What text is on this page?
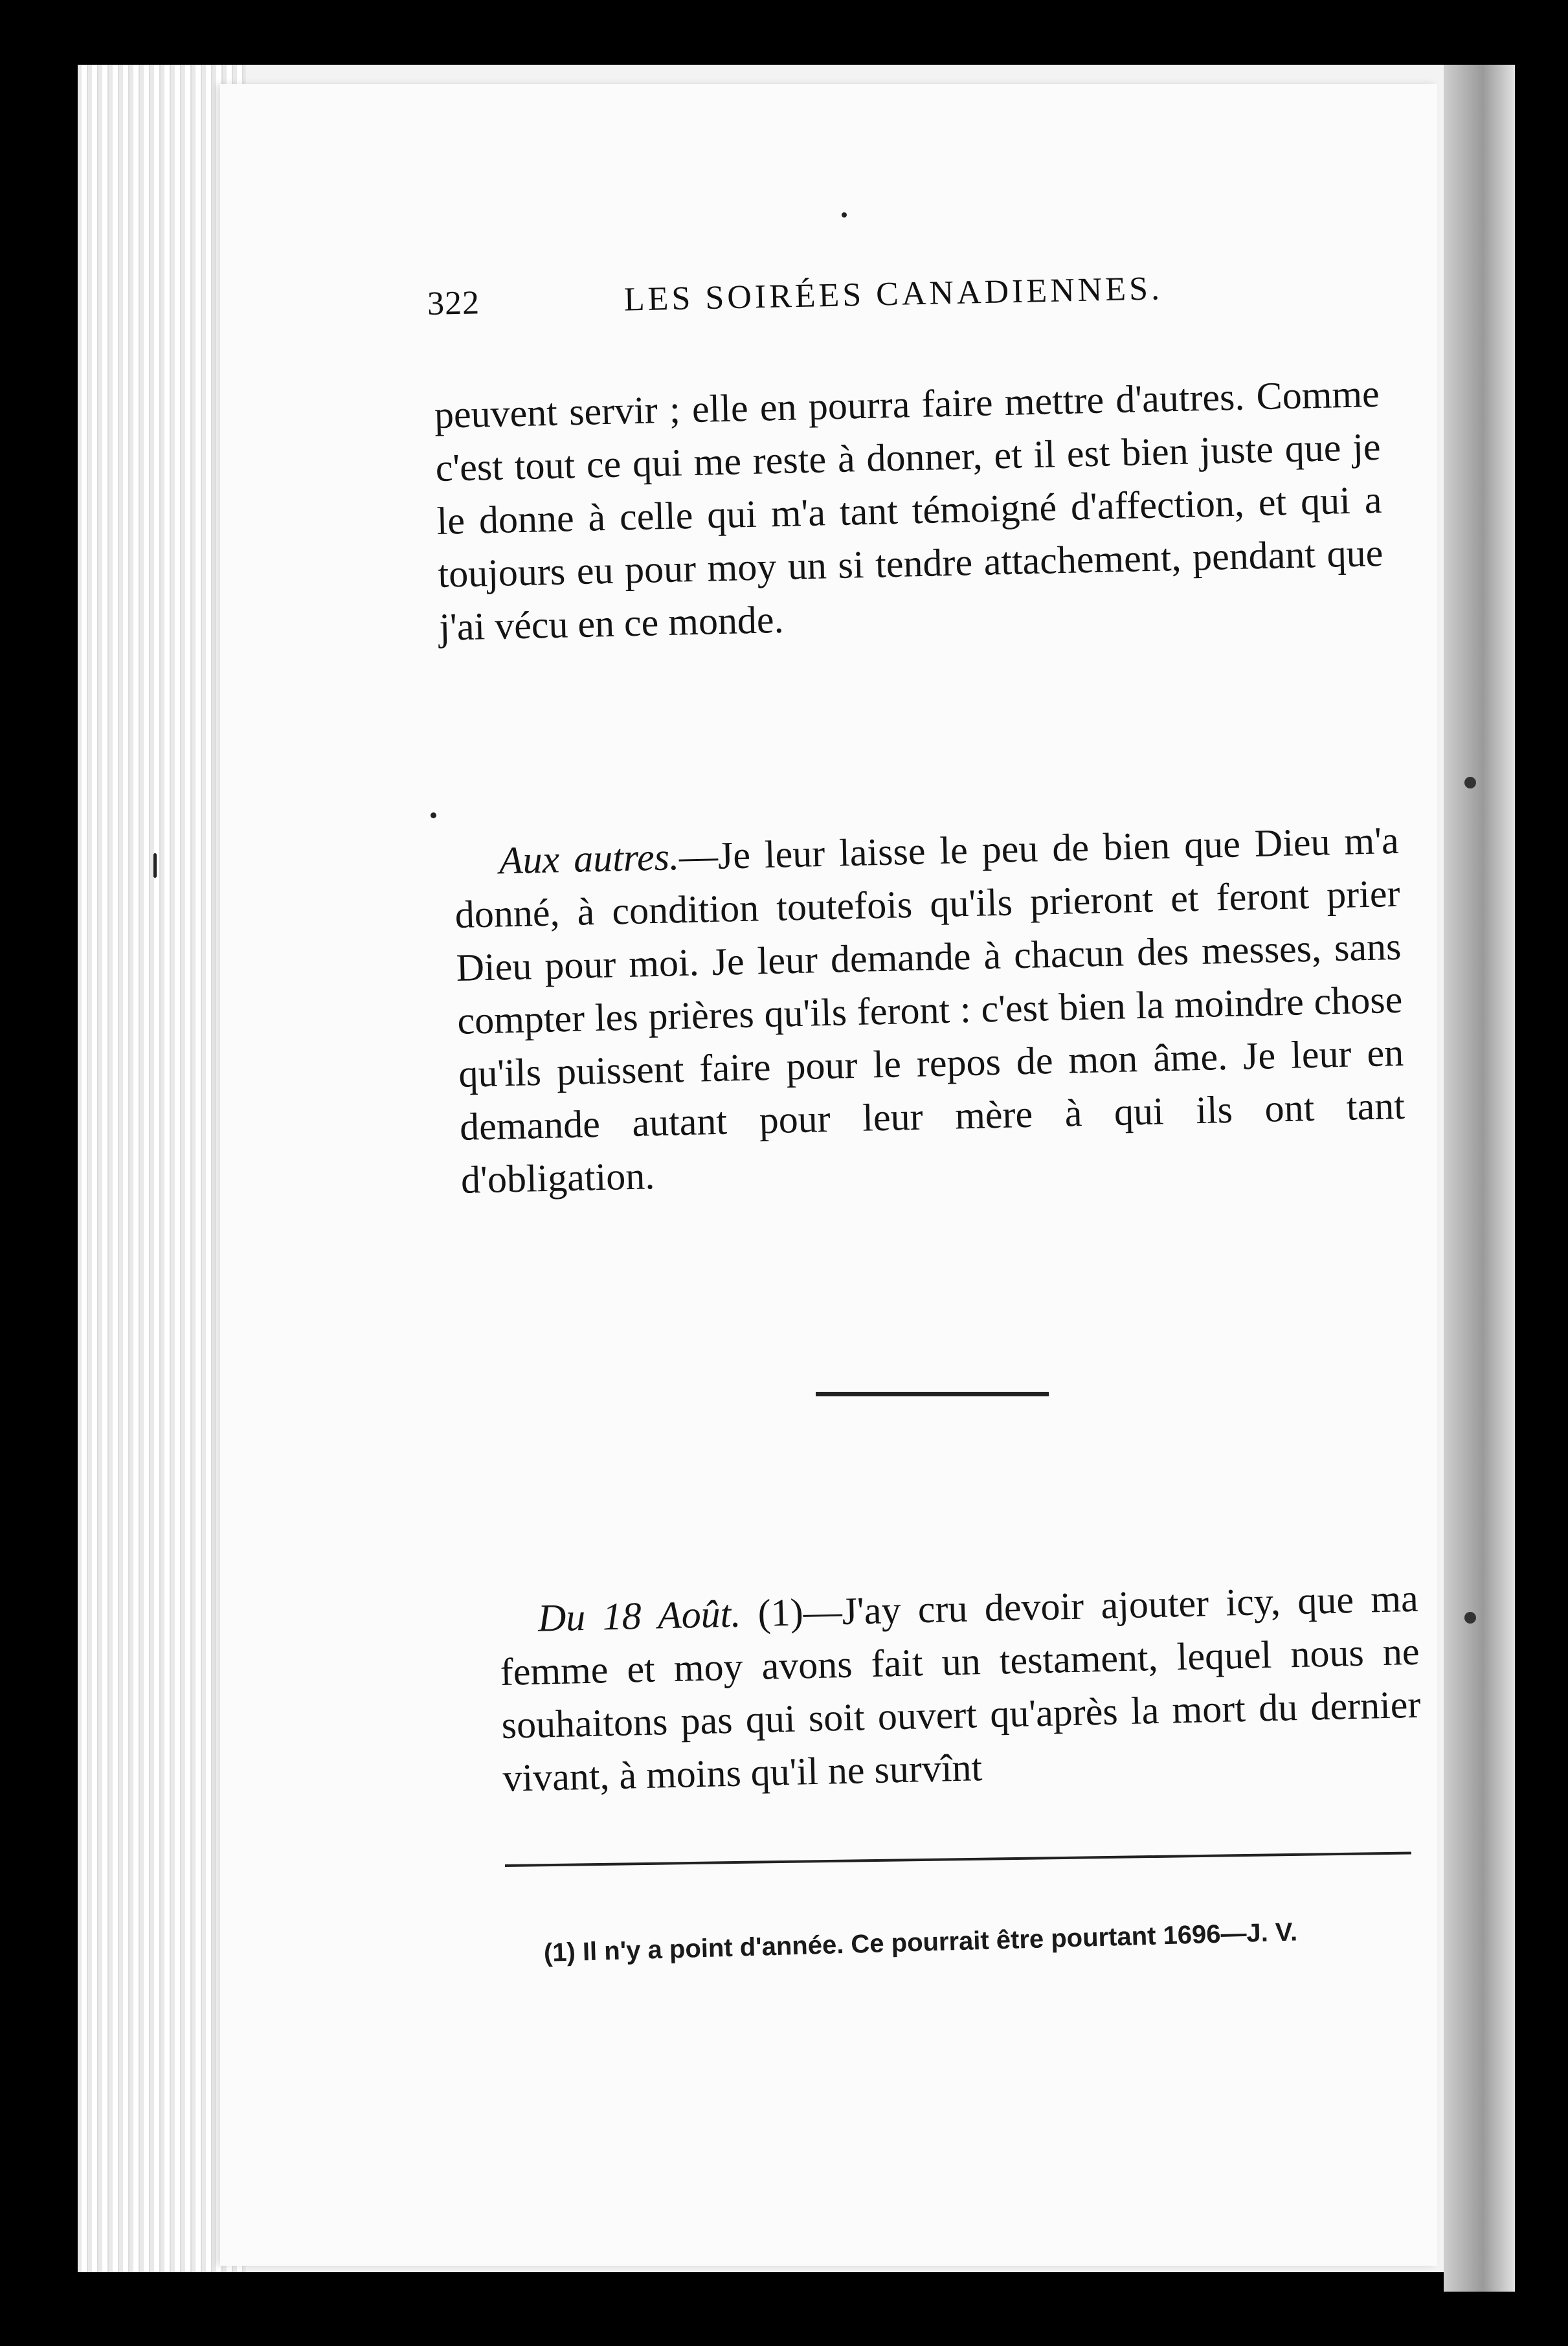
322	LES SOIRÉES CANADIENNES.
peuvent servir ; elle en pourra faire mettre d'autres. Comme c'est tout ce qui me reste à donner, et il est bien juste que je le donne à celle qui m'a tant témoigné d'affection, et qui a toujours eu pour moy un si tendre attachement, pendant que j'ai vécu en ce monde.
Aux autres.—Je leur laisse le peu de bien que Dieu m'a donné, à condition toutefois qu'ils prieront et feront prier Dieu pour moi. Je leur demande à chacun des messes, sans compter les prières qu'ils feront : c'est bien la moindre chose qu'ils puissent faire pour le repos de mon âme. Je leur en demande autant pour leur mère à qui ils ont tant d'obligation.
Du 18 Août. (1)—J'ay cru devoir ajouter icy, que ma femme et moy avons fait un testament, lequel nous ne souhaitons pas qui soit ouvert qu'après la mort du dernier vivant, à moins qu'il ne survînt
(1) Il n'y a point d'année. Ce pourrait être pourtant 1696—J. V.
